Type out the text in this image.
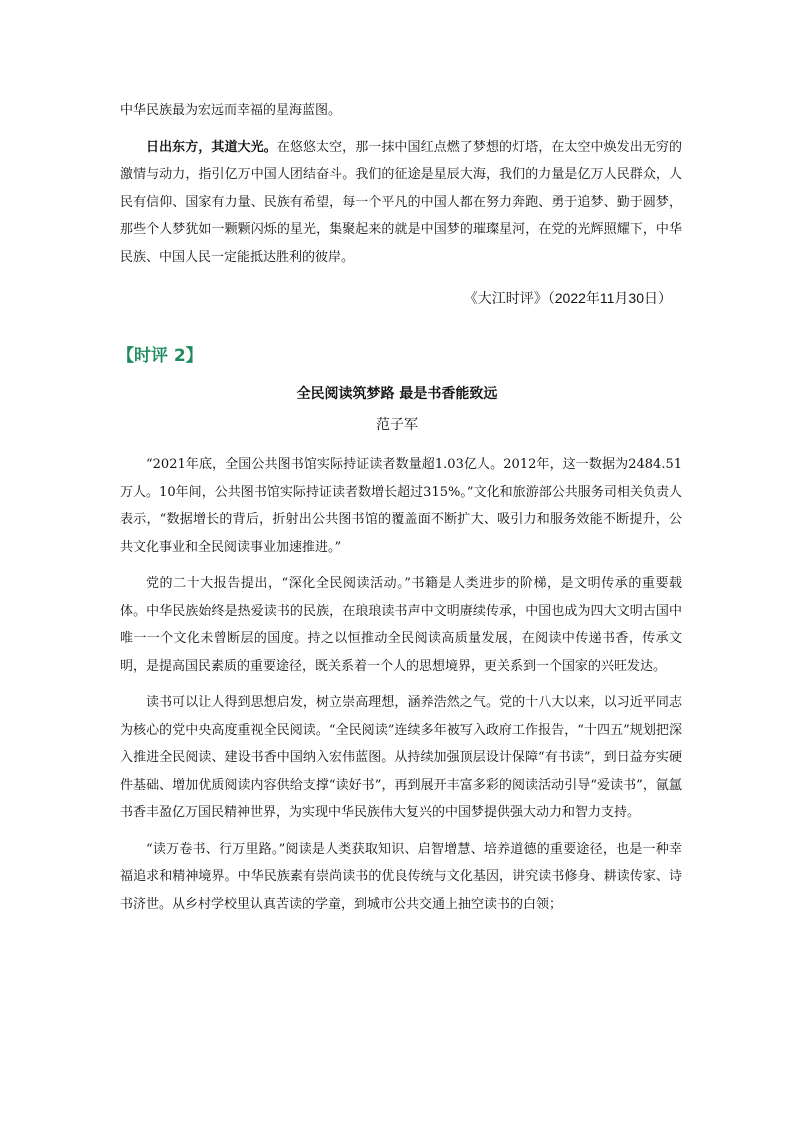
中华民族最为宏远而幸福的星海蓝图。

日出东方，其道大光。在悠悠太空，那一抹中国红点燃了梦想的灯塔，在太空中焕发出无穷的激情与动力，指引亿万中国人团结奋斗。我们的征途是星辰大海，我们的力量是亿万人民群众，人民有信仰、国家有力量、民族有希望，每一个平凡的中国人都在努力奔跑、勇于追梦、勤于圆梦，那些个人梦犹如一颗颗闪烁的星光，集聚起来的就是中国梦的璀璨星河，在党的光辉照耀下，中华民族、中国人民一定能抵达胜利的彼岸。

《大江时评》（2022年11月30日）
【时评 2】
全民阅读筑梦路 最是书香能致远
范子军

“2021年底，全国公共图书馆实际持证读者数量超1.03亿人。2012年，这一数据为2484.51万人。10年间，公共图书馆实际持证读者数增长超过315%。”文化和旅游部公共服务司相关负责人表示，“数据增长的背后，折射出公共图书馆的覆盖面不断扩大、吸引力和服务效能不断提升，公共文化事业和全民阅读事业加速推进。”

党的二十大报告提出，“深化全民阅读活动。”书籍是人类进步的阶梯，是文明传承的重要载体。中华民族始终是热爱读书的民族，在琅琅读书声中文明赓续传承，中国也成为四大文明古国中唯一一个文化未曾断层的国度。持之以恒推动全民阅读高质量发展，在阅读中传递书香，传承文明，是提高国民素质的重要途径，既关系着一个人的思想境界，更关系到一个国家的兴旺发达。

读书可以让人得到思想启发，树立崇高理想，涵养浩然之气。党的十八大以来，以习近平同志为核心的党中央高度重视全民阅读。“全民阅读”连续多年被写入政府工作报告，“十四五”规划把深入推进全民阅读、建设书香中国纳入宏伟蓝图。从持续加强顶层设计保障“有书读”，到日益夯实硬件基础、增加优质阅读内容供给支撑“读好书”，再到展开丰富多彩的阅读活动引导“爱读书”，氤氲书香丰盈亿万国民精神世界，为实现中华民族伟大复兴的中国梦提供强大动力和智力支持。

“读万卷书、行万里路。”阅读是人类获取知识、启智增慧、培养道德的重要途径，也是一种幸福追求和精神境界。中华民族素有崇尚读书的优良传统与文化基因，讲究读书修身、耕读传家、诗书济世。从乡村学校里认真苦读的学童，到城市公共交通上抽空读书的白领；
